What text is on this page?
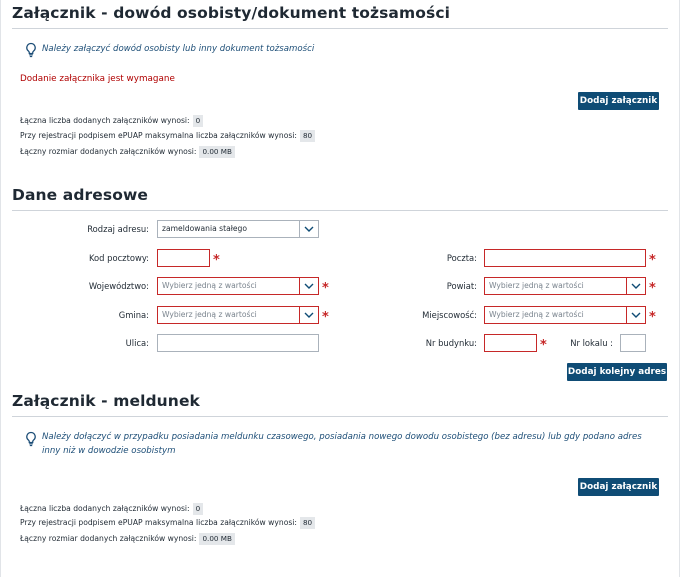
Załącznik - dowód osobisty/dokument tożsamości
Należy załączyć dowód osobisty lub inny dokument tożsamości
Dodanie załącznika jest wymagane
Dodaj załącznik
Łączna liczba dodanych załączników wynosi: 0
Przy rejestracji podpisem ePUAP maksymalna liczba załączników wynosi: 80
Łączny rozmiar dodanych załączników wynosi: 0.00 MB
Dane adresowe
Rodzaj adresu:	zameldowania stałego
Kod pocztowy:	*	Poczta:	*
Województwo:	Wybierz jedną z wartości	*	Powiat:	Wybierz jedną z wartości	*
Gmina:	Wybierz jedną z wartości	*	Miejscowość:	Wybierz jedną z wartości	*
Ulica:	Nr budynku:	*	Nr lokalu :
Dodaj kolejny adres
Załącznik - meldunek
Należy dołączyć w przypadku posiadania meldunku czasowego, posiadania nowego dowodu osobistego (bez adresu) lub gdy podano adres inny niż w dowodzie osobistym
Dodaj załącznik
Łączna liczba dodanych załączników wynosi: 0
Przy rejestracji podpisem ePUAP maksymalna liczba załączników wynosi: 80
Łączny rozmiar dodanych załączników wynosi: 0.00 MB
